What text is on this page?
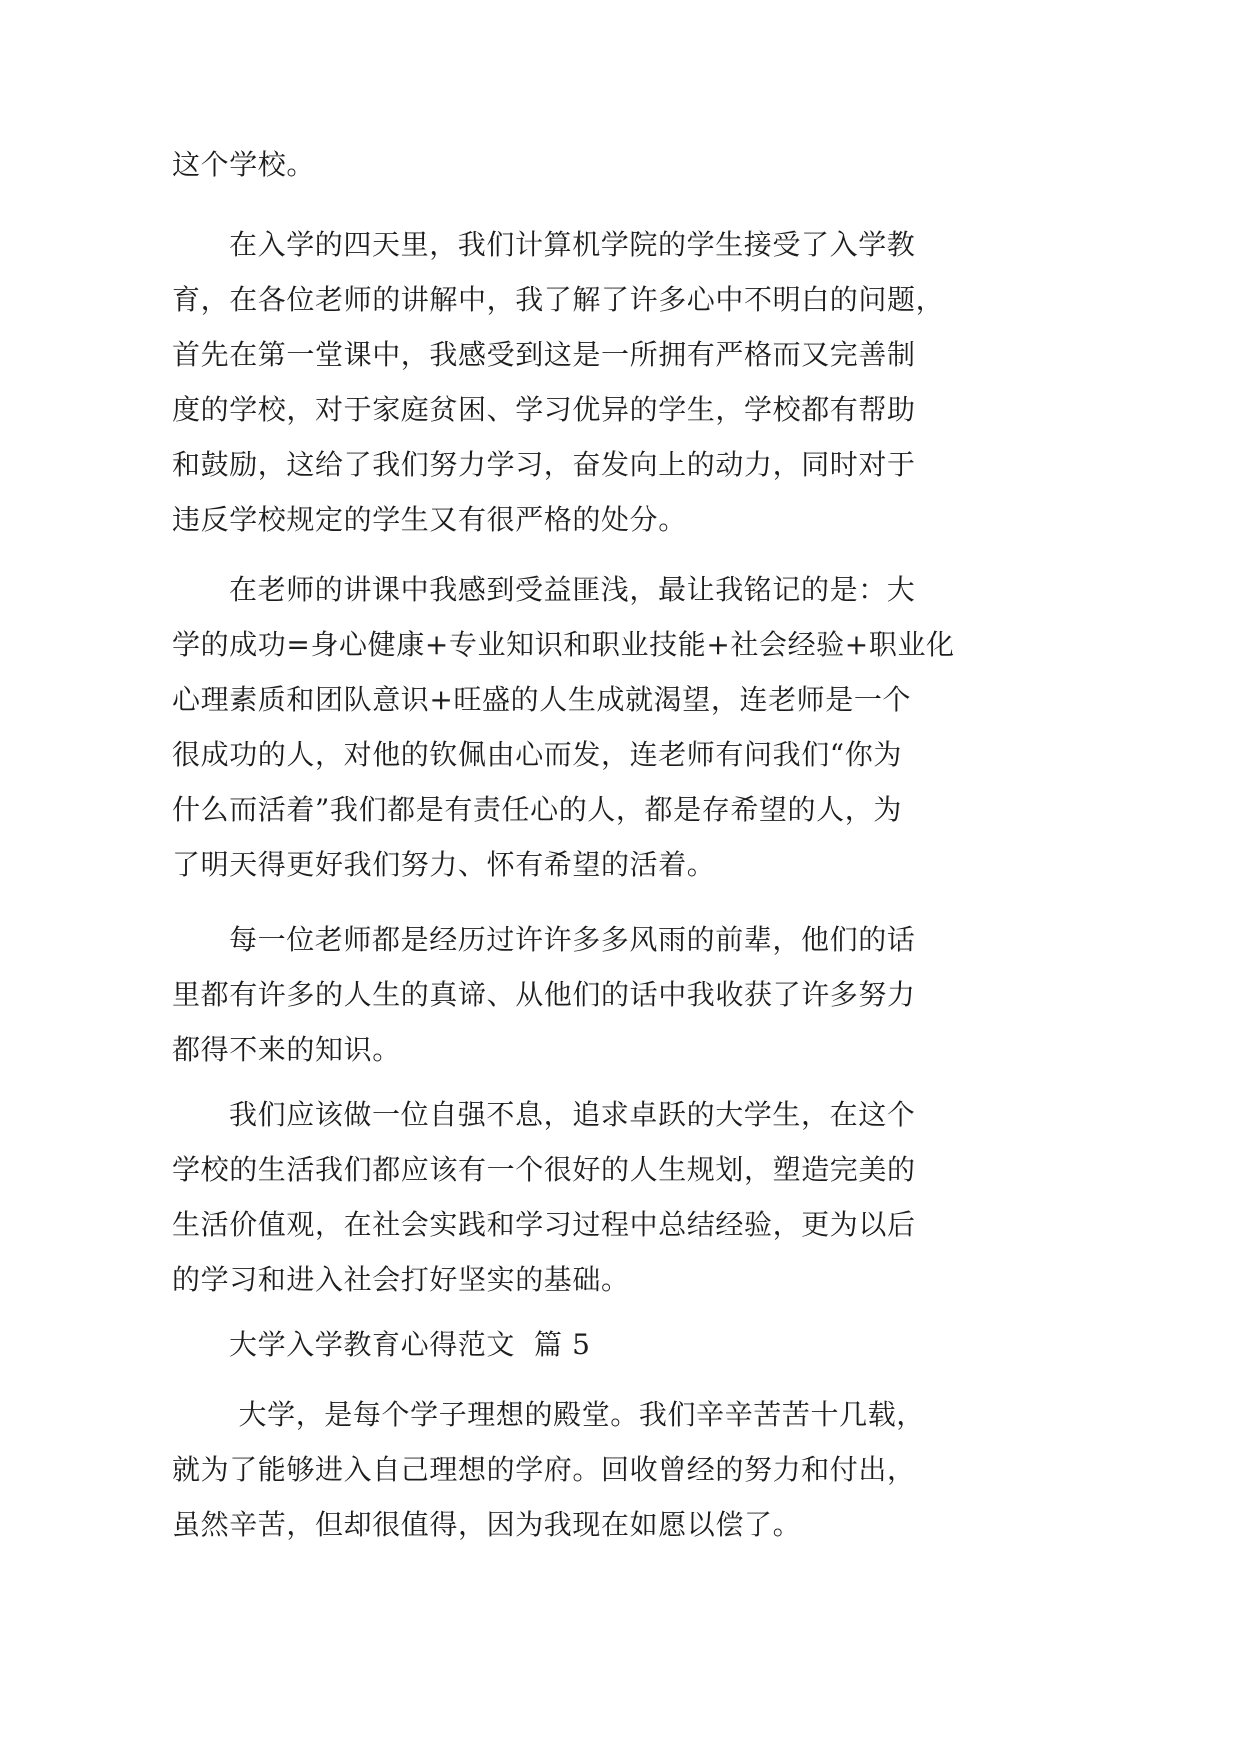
这个学校。
在入学的四天里，我们计算机学院的学生接受了入学教
育，在各位老师的讲解中，我了解了许多心中不明白的问题，
首先在第一堂课中，我感受到这是一所拥有严格而又完善制
度的学校，对于家庭贫困、学习优异的学生，学校都有帮助
和鼓励，这给了我们努力学习，奋发向上的动力，同时对于
违反学校规定的学生又有很严格的处分。
在老师的讲课中我感到受益匪浅，最让我铭记的是：大
学的成功=身心健康+专业知识和职业技能+社会经验+职业化
心理素质和团队意识+旺盛的人生成就渴望，连老师是一个
很成功的人，对他的钦佩由心而发，连老师有问我们“你为
什么而活着”我们都是有责任心的人，都是存希望的人，为
了明天得更好我们努力、怀有希望的活着。
每一位老师都是经历过许许多多风雨的前辈，他们的话
里都有许多的人生的真谛、从他们的话中我收获了许多努力
都得不来的知识。
我们应该做一位自强不息，追求卓跃的大学生，在这个
学校的生活我们都应该有一个很好的人生规划，塑造完美的
生活价值观，在社会实践和学习过程中总结经验，更为以后
的学习和进入社会打好坚实的基础。
大学入学教育心得范文  篇 5
大学，是每个学子理想的殿堂。我们辛辛苦苦十几载，
就为了能够进入自己理想的学府。回收曾经的努力和付出，
虽然辛苦，但却很值得，因为我现在如愿以偿了。
